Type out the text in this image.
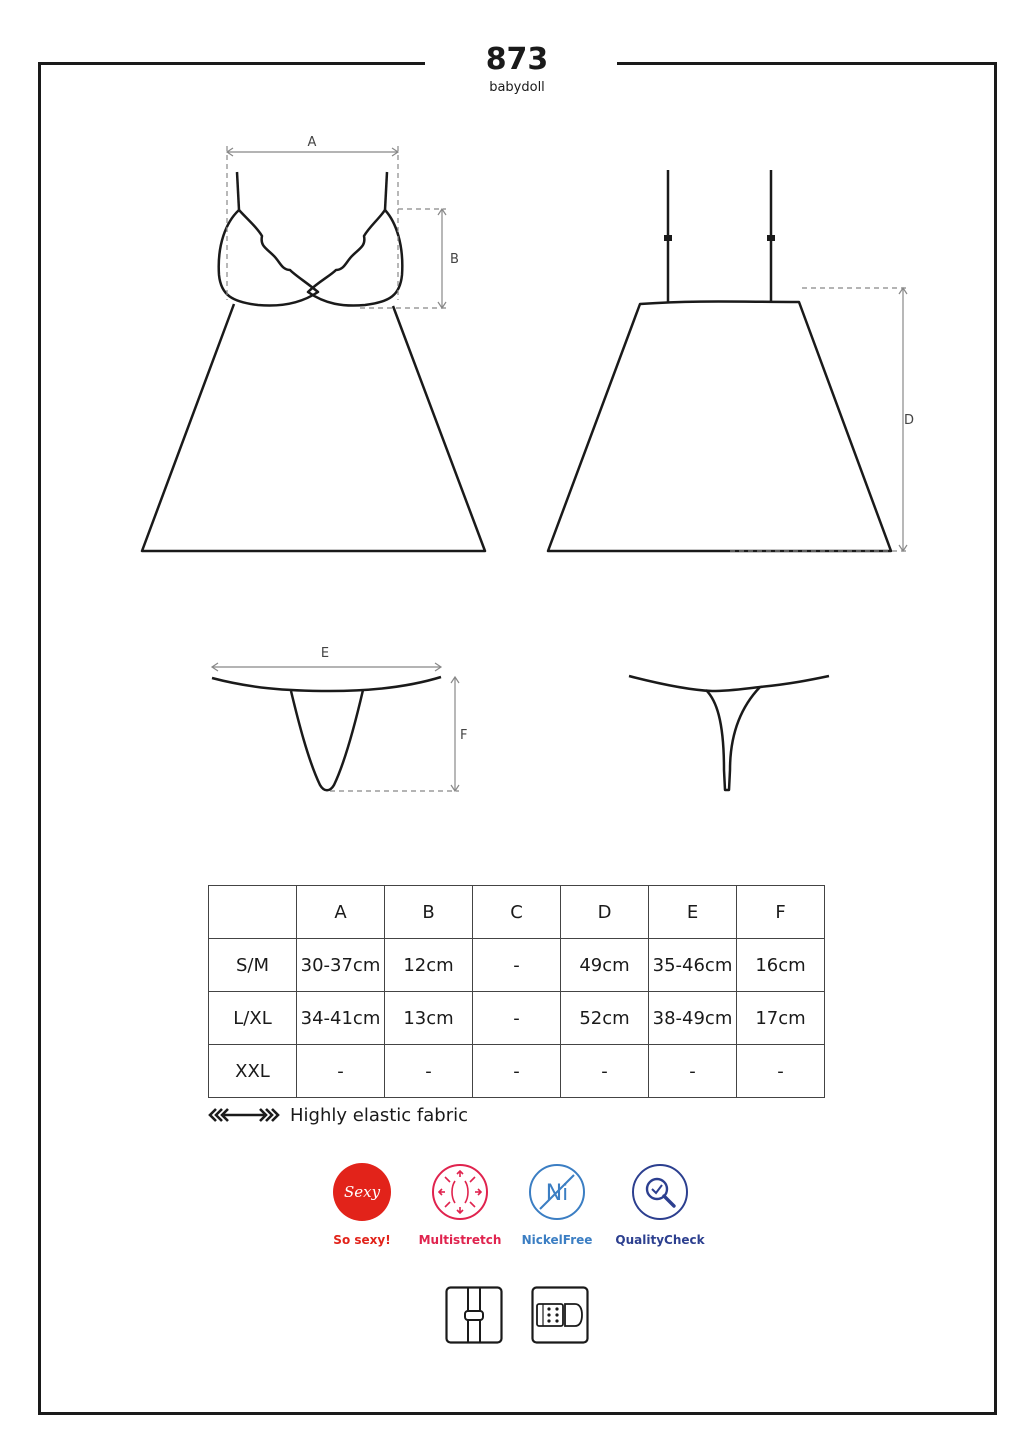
873
babydoll
A
B
D
E
F
	A	B	C	D	E	F
S/M	30-37cm	12cm	-	49cm	35-46cm	16cm
L/XL	34-41cm	13cm	-	52cm	38-49cm	17cm
XXL	-	-	-	-	-	-
Highly elastic fabric
Sexy
So sexy!	Multistretch
Ni
NickelFree	QualityCheck
